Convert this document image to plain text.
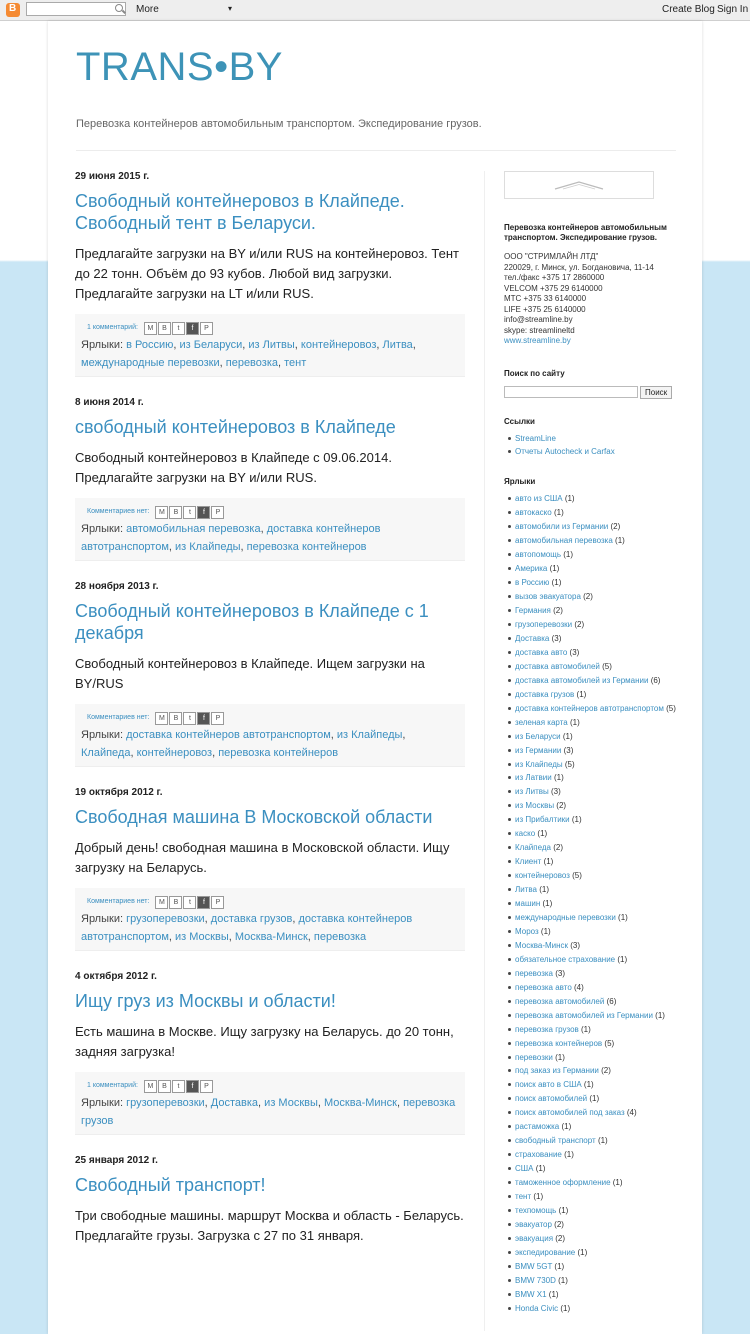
B	More	▾	Create Blog Sign In
TRANS•BY
Перевозка контейнеров автомобильным транспортом. Экспедирование грузов.
29 июня 2015 г.
Свободный контейнеровоз в Клайпеде. Свободный тент в Беларуси.
Предлагайте загрузки на BY и/или RUS на контейнеровоз. Тент до 22 тонн. Объём до 93 кубов. Любой вид загрузки. Предлагайте загрузки на LT и/или RUS.
1 комментарий:	M	B	t	f	P
Ярлыки: в Россию, из Беларуси, из Литвы, контейнеровоз, Литва, международные перевозки, перевозка, тент
8 июня 2014 г.
свободный контейнеровоз в Клайпеде
Свободный контейнеровоз в Клайпеде с 09.06.2014. Предлагайте загрузки на BY и/или RUS.
Комментариев нет:	M	B	t	f	P
Ярлыки: автомобильная перевозка, доставка контейнеров автотранспортом, из Клайпеды, перевозка контейнеров
28 ноября 2013 г.
Свободный контейнеровоз в Клайпеде с 1 декабря
Свободный контейнеровоз в Клайпеде. Ищем загрузки на BY/RUS
Комментариев нет:	M	B	t	f	P
Ярлыки: доставка контейнеров автотранспортом, из Клайпеды, Клайпеда, контейнеровоз, перевозка контейнеров
19 октября 2012 г.
Свободная машина В Московской области
Добрый день! свободная машина в Московской области. Ищу загрузку на Беларусь.
Комментариев нет:	M	B	t	f	P
Ярлыки: грузоперевозки, доставка грузов, доставка контейнеров автотранспортом, из Москвы, Москва-Минск, перевозка
4 октября 2012 г.
Ищу груз из Москвы и области!
Есть машина в Москве. Ищу загрузку на Беларусь. до 20 тонн, задняя загрузка!
1 комментарий:	M	B	t	f	P
Ярлыки: грузоперевозки, Доставка, из Москвы, Москва-Минск, перевозка грузов
25 января 2012 г.
Свободный транспорт!
Три свободные машины. маршрут Москва и область - Беларусь. Предлагайте грузы. Загрузка с 27 по 31 января.

Перевозка контейнеров автомобильным транспортом. Экспедирование грузов.

ООО "СТРИМЛАЙН ЛТД"
220029, г. Минск, ул. Богдановича, 11-14
тел./факс +375 17 2860000
VELCOM +375 29 6140000
МТС +375 33 6140000
LIFE +375 25 6140000
info@streamline.by
skype: streamlineltd
www.streamline.by

Поиск по сайту

Поиск

Ссылки

StreamLine
Отчеты Autocheck и Carfax

Ярлыки

авто из США (1)
автокаско (1)
автомобили из Германии (2)
автомобильная перевозка (1)
автопомощь (1)
Америка (1)
в Россию (1)
вызов эвакуатора (2)
Германия (2)
грузоперевозки (2)
Доставка (3)
доставка авто (3)
доставка автомобилей (5)
доставка автомобилей из Германии (6)
доставка грузов (1)
доставка контейнеров автотранспортом (5)
зеленая карта (1)
из Беларуси (1)
из Германии (3)
из Клайпеды (5)
из Латвии (1)
из Литвы (3)
из Москвы (2)
из Прибалтики (1)
каско (1)
Клайпеда (2)
Клиент (1)
контейнеровоз (5)
Литва (1)
машин (1)
международные перевозки (1)
Мороз (1)
Москва-Минск (3)
обязательное страхование (1)
перевозка (3)
перевозка авто (4)
перевозка автомобилей (6)
перевозка автомобилей из Германии (1)
перевозка грузов (1)
перевозка контейнеров (5)
перевозки (1)
под заказ из Германии (2)
поиск авто в США (1)
поиск автомобилей (1)
поиск автомобилей под заказ (4)
растаможка (1)
свободный транспорт (1)
страхование (1)
США (1)
таможенное оформление (1)
тент (1)
техпомощь (1)
эвакуатор (2)
эвакуация (2)
экспедирование (1)
BMW 5GT (1)
BMW 730D (1)
BMW X1 (1)
Honda Civic (1)
